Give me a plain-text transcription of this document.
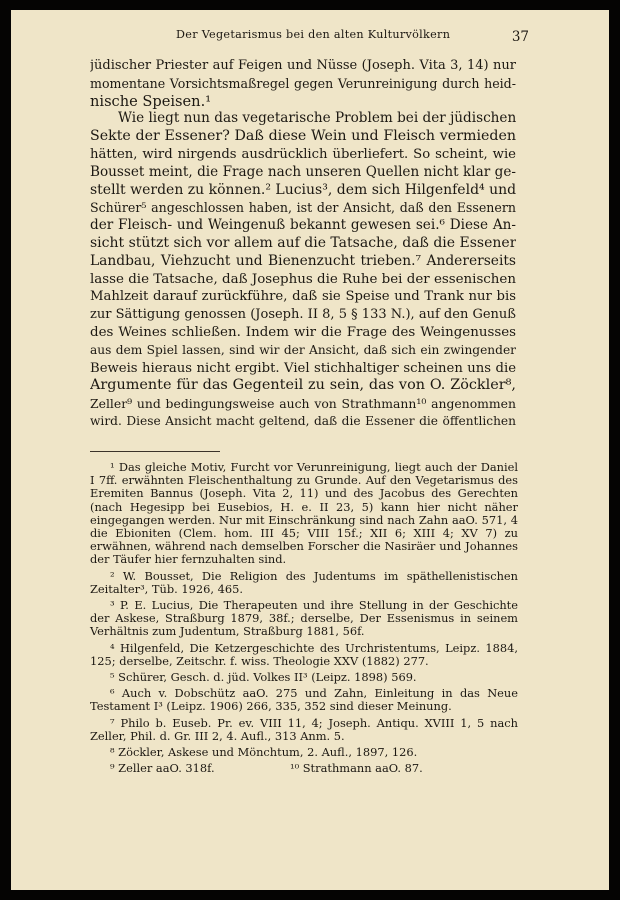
Der Vegetarismus bei den alten Kulturvölkern	37
jüdischer Priester auf Feigen und Nüsse (Joseph. Vita 3, 14) nur
momentane Vorsichtsmaßregel gegen Verunreinigung durch heid-
nische Speisen.¹
Wie liegt nun das vegetarische Problem bei der jüdischen
Sekte der Essener? Daß diese Wein und Fleisch vermieden
hätten, wird nirgends ausdrücklich überliefert. So scheint, wie
Bousset meint, die Frage nach unseren Quellen nicht klar ge-
stellt werden zu können.² Lucius³, dem sich Hilgenfeld⁴ und
Schürer⁵ angeschlossen haben, ist der Ansicht, daß den Essenern
der Fleisch- und Weingenuß bekannt gewesen sei.⁶ Diese An-
sicht stützt sich vor allem auf die Tatsache, daß die Essener
Landbau, Viehzucht und Bienenzucht trieben.⁷ Andererseits
lasse die Tatsache, daß Josephus die Ruhe bei der essenischen
Mahlzeit darauf zurückführe, daß sie Speise und Trank nur bis
zur Sättigung genossen (Joseph. II 8, 5 § 133 N.), auf den Genuß
des Weines schließen. Indem wir die Frage des Weingenusses
aus dem Spiel lassen, sind wir der Ansicht, daß sich ein zwingender
Beweis hieraus nicht ergibt. Viel stichhaltiger scheinen uns die
Argumente für das Gegenteil zu sein, das von O. Zöckler⁸,
Zeller⁹ und bedingungsweise auch von Strathmann¹⁰ angenommen
wird. Diese Ansicht macht geltend, daß die Essener die öffentlichen
¹ Das gleiche Motiv, Furcht vor Verunreinigung, liegt auch der Daniel I 7ff. erwähnten Fleischenthaltung zu Grunde. Auf den Vegetarismus des Eremiten Bannus (Joseph. Vita 2, 11) und des Jacobus des Gerechten (nach Hegesipp bei Eusebios, H. e. II 23, 5) kann hier nicht näher eingegangen werden. Nur mit Einschränkung sind nach Zahn aaO. 571, 4 die Ebioniten (Clem. hom. III 45; VIII 15f.; XII 6; XIII 4; XV 7) zu erwähnen, während nach demselben Forscher die Nasiräer und Johannes der Täufer hier fernzuhalten sind.
² W. Bousset, Die Religion des Judentums im späthellenistischen Zeitalter³, Tüb. 1926, 465.
³ P. E. Lucius, Die Therapeuten und ihre Stellung in der Geschichte der Askese, Straßburg 1879, 38f.; derselbe, Der Essenismus in seinem Verhältnis zum Judentum, Straßburg 1881, 56f.
⁴ Hilgenfeld, Die Ketzergeschichte des Urchristentums, Leipz. 1884, 125; derselbe, Zeitschr. f. wiss. Theologie XXV (1882) 277.
⁵ Schürer, Gesch. d. jüd. Volkes II³ (Leipz. 1898) 569.
⁶ Auch v. Dobschütz aaO. 275 und Zahn, Einleitung in das Neue Testament I³ (Leipz. 1906) 266, 335, 352 sind dieser Meinung.
⁷ Philo b. Euseb. Pr. ev. VIII 11, 4; Joseph. Antiqu. XVIII 1, 5 nach Zeller, Phil. d. Gr. III 2, 4. Aufl., 313 Anm. 5.
⁸ Zöckler, Askese und Mönchtum, 2. Aufl., 1897, 126.
⁹ Zeller aaO. 318f.	¹⁰ Strathmann aaO. 87.
